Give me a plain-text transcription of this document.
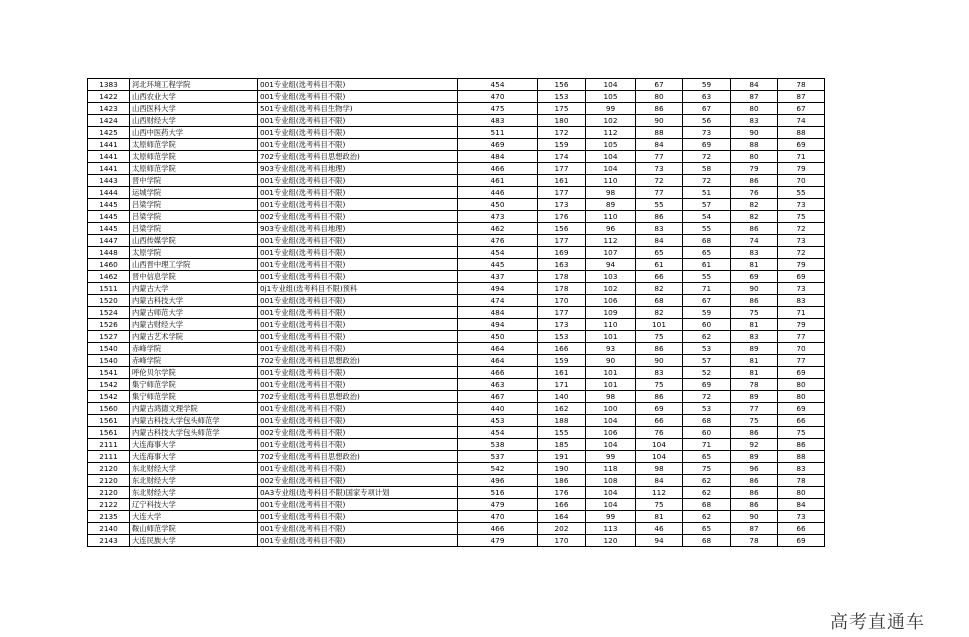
1383	河北环境工程学院	001专业组(选考科目不限)	454	156	104	67	59	84	78
1422	山西农业大学	001专业组(选考科目不限)	470	153	105	80	63	87	87
1423	山西医科大学	501专业组(选考科目生物学)	475	175	99	86	67	80	67
1424	山西财经大学	001专业组(选考科目不限)	483	180	102	90	56	83	74
1425	山西中医药大学	001专业组(选考科目不限)	511	172	112	88	73	90	88
1441	太原师范学院	001专业组(选考科目不限)	469	159	105	84	69	88	69
1441	太原师范学院	702专业组(选考科目思想政治)	484	174	104	77	72	80	71
1441	太原师范学院	903专业组(选考科目地理)	466	177	104	73	58	79	79
1443	晋中学院	001专业组(选考科目不限)	461	161	110	72	72	86	70
1444	运城学院	001专业组(选考科目不限)	446	177	98	77	51	76	55
1445	吕梁学院	001专业组(选考科目不限)	450	173	89	55	57	82	73
1445	吕梁学院	002专业组(选考科目不限)	473	176	110	86	54	82	75
1445	吕梁学院	903专业组(选考科目地理)	462	156	96	83	55	86	72
1447	山西传媒学院	001专业组(选考科目不限)	476	177	112	84	68	74	73
1448	太原学院	001专业组(选考科目不限)	454	169	107	65	65	83	72
1460	山西晋中理工学院	001专业组(选考科目不限)	445	163	94	61	61	81	79
1462	晋中信息学院	001专业组(选考科目不限)	437	178	103	66	55	69	69
1511	内蒙古大学	0j1专业组(选考科目不限)预科	494	178	102	82	71	90	73
1520	内蒙古科技大学	001专业组(选考科目不限)	474	170	106	68	67	86	83
1524	内蒙古师范大学	001专业组(选考科目不限)	484	177	109	82	59	75	71
1526	内蒙古财经大学	001专业组(选考科目不限)	494	173	110	101	60	81	79
1527	内蒙古艺术学院	001专业组(选考科目不限)	450	153	101	75	62	83	77
1540	赤峰学院	001专业组(选考科目不限)	464	166	93	86	53	89	70
1540	赤峰学院	702专业组(选考科目思想政治)	464	159	90	90	57	81	77
1541	呼伦贝尔学院	001专业组(选考科目不限)	466	161	101	83	52	81	69
1542	集宁师范学院	001专业组(选考科目不限)	463	171	101	75	69	78	80
1542	集宁师范学院	702专业组(选考科目思想政治)	467	140	98	86	72	89	80
1560	内蒙古鸿德文理学院	001专业组(选考科目不限)	440	162	100	69	53	77	69
1561	内蒙古科技大学包头师范学	001专业组(选考科目不限)	453	188	104	66	68	75	66
1561	内蒙古科技大学包头师范学	002专业组(选考科目不限)	454	155	106	76	60	86	75
2111	大连海事大学	001专业组(选考科目不限)	538	185	104	104	71	92	86
2111	大连海事大学	702专业组(选考科目思想政治)	537	191	99	104	65	89	88
2120	东北财经大学	001专业组(选考科目不限)	542	190	118	98	75	96	83
2120	东北财经大学	002专业组(选考科目不限)	496	186	108	84	62	86	78
2120	东北财经大学	0A3专业组(选考科目不限)国家专项计划	516	176	104	112	62	86	80
2122	辽宁科技大学	001专业组(选考科目不限)	479	166	104	75	68	86	84
2135	大连大学	001专业组(选考科目不限)	470	164	99	81	62	90	73
2140	鞍山师范学院	001专业组(选考科目不限)	466	202	113	46	65	87	66
2143	大连民族大学	001专业组(选考科目不限)	479	170	120	94	68	78	69
高考直通车
